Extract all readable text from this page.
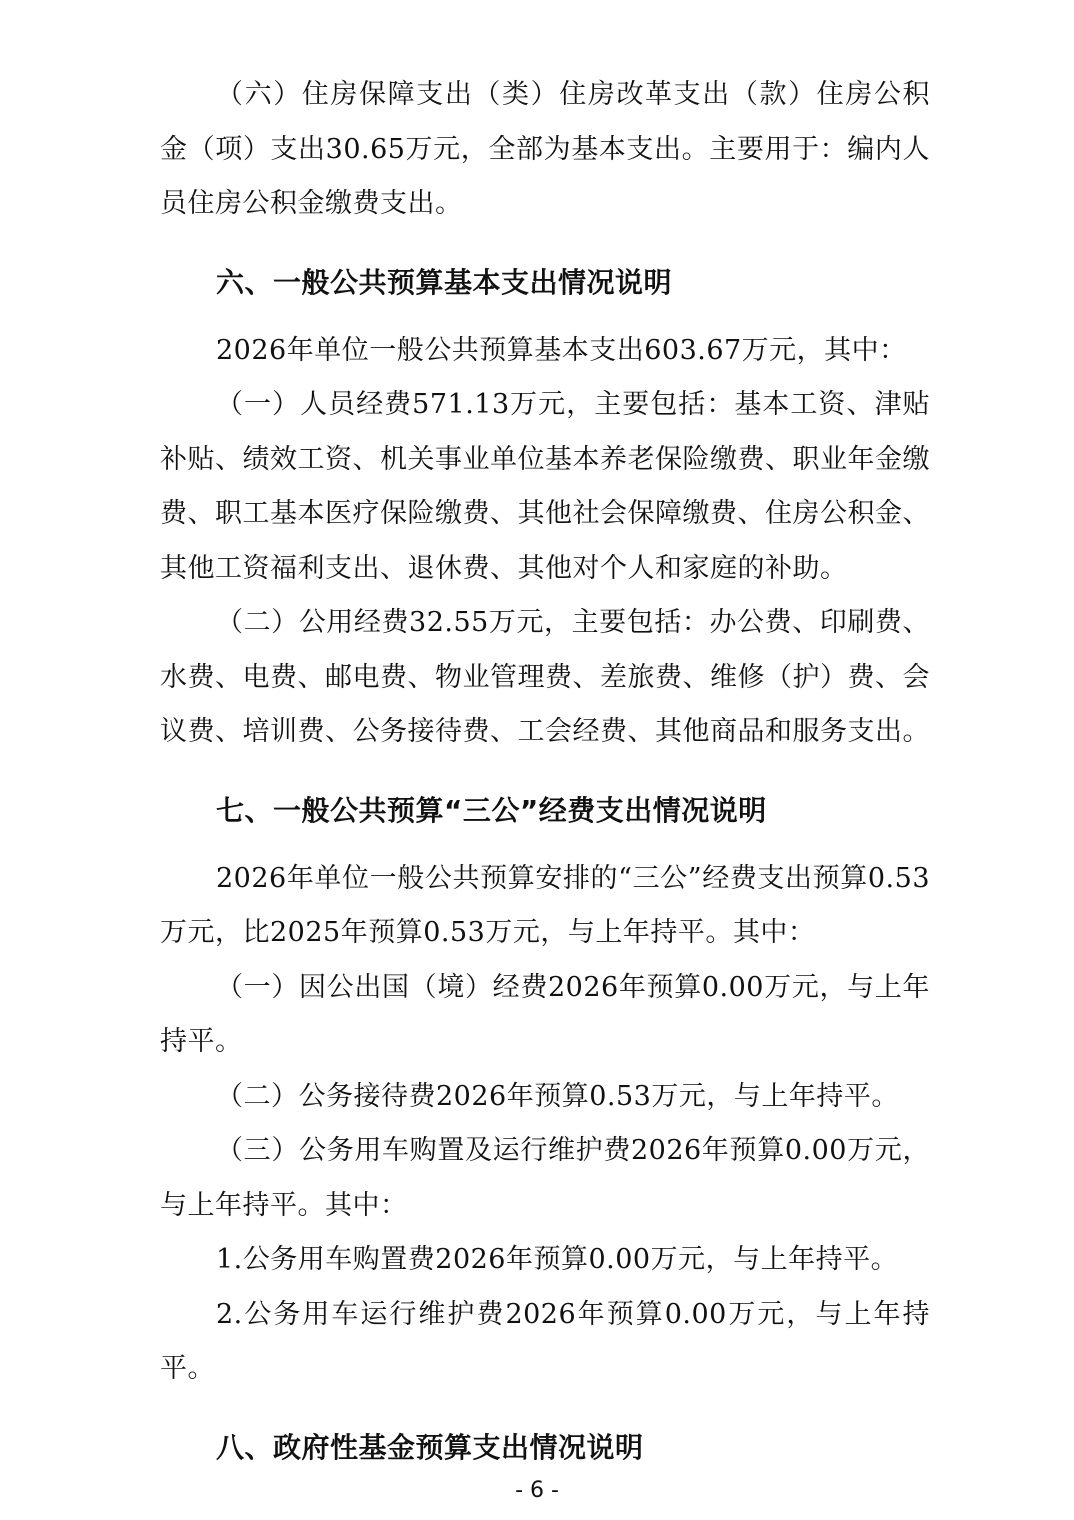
（六）住房保障支出（类）住房改革支出（款）住房公积金（项）支出30.65万元，全部为基本支出。主要用于：编内人员住房公积金缴费支出。

六、一般公共预算基本支出情况说明

2026年单位一般公共预算基本支出603.67万元，其中：

（一）人员经费571.13万元，主要包括：基本工资、津贴补贴、绩效工资、机关事业单位基本养老保险缴费、职业年金缴费、职工基本医疗保险缴费、其他社会保障缴费、住房公积金、其他工资福利支出、退休费、其他对个人和家庭的补助。

（二）公用经费32.55万元，主要包括：办公费、印刷费、水费、电费、邮电费、物业管理费、差旅费、维修（护）费、会议费、培训费、公务接待费、工会经费、其他商品和服务支出。

七、一般公共预算“三公”经费支出情况说明

2026年单位一般公共预算安排的“三公”经费支出预算0.53万元，比2025年预算0.53万元，与上年持平。其中：

（一）因公出国（境）经费2026年预算0.00万元，与上年持平。

（二）公务接待费2026年预算0.53万元，与上年持平。

（三）公务用车购置及运行维护费2026年预算0.00万元，与上年持平。其中：

1.公务用车购置费2026年预算0.00万元，与上年持平。

2.公务用车运行维护费2026年预算0.00万元，与上年持平。

八、政府性基金预算支出情况说明
- 6 -
